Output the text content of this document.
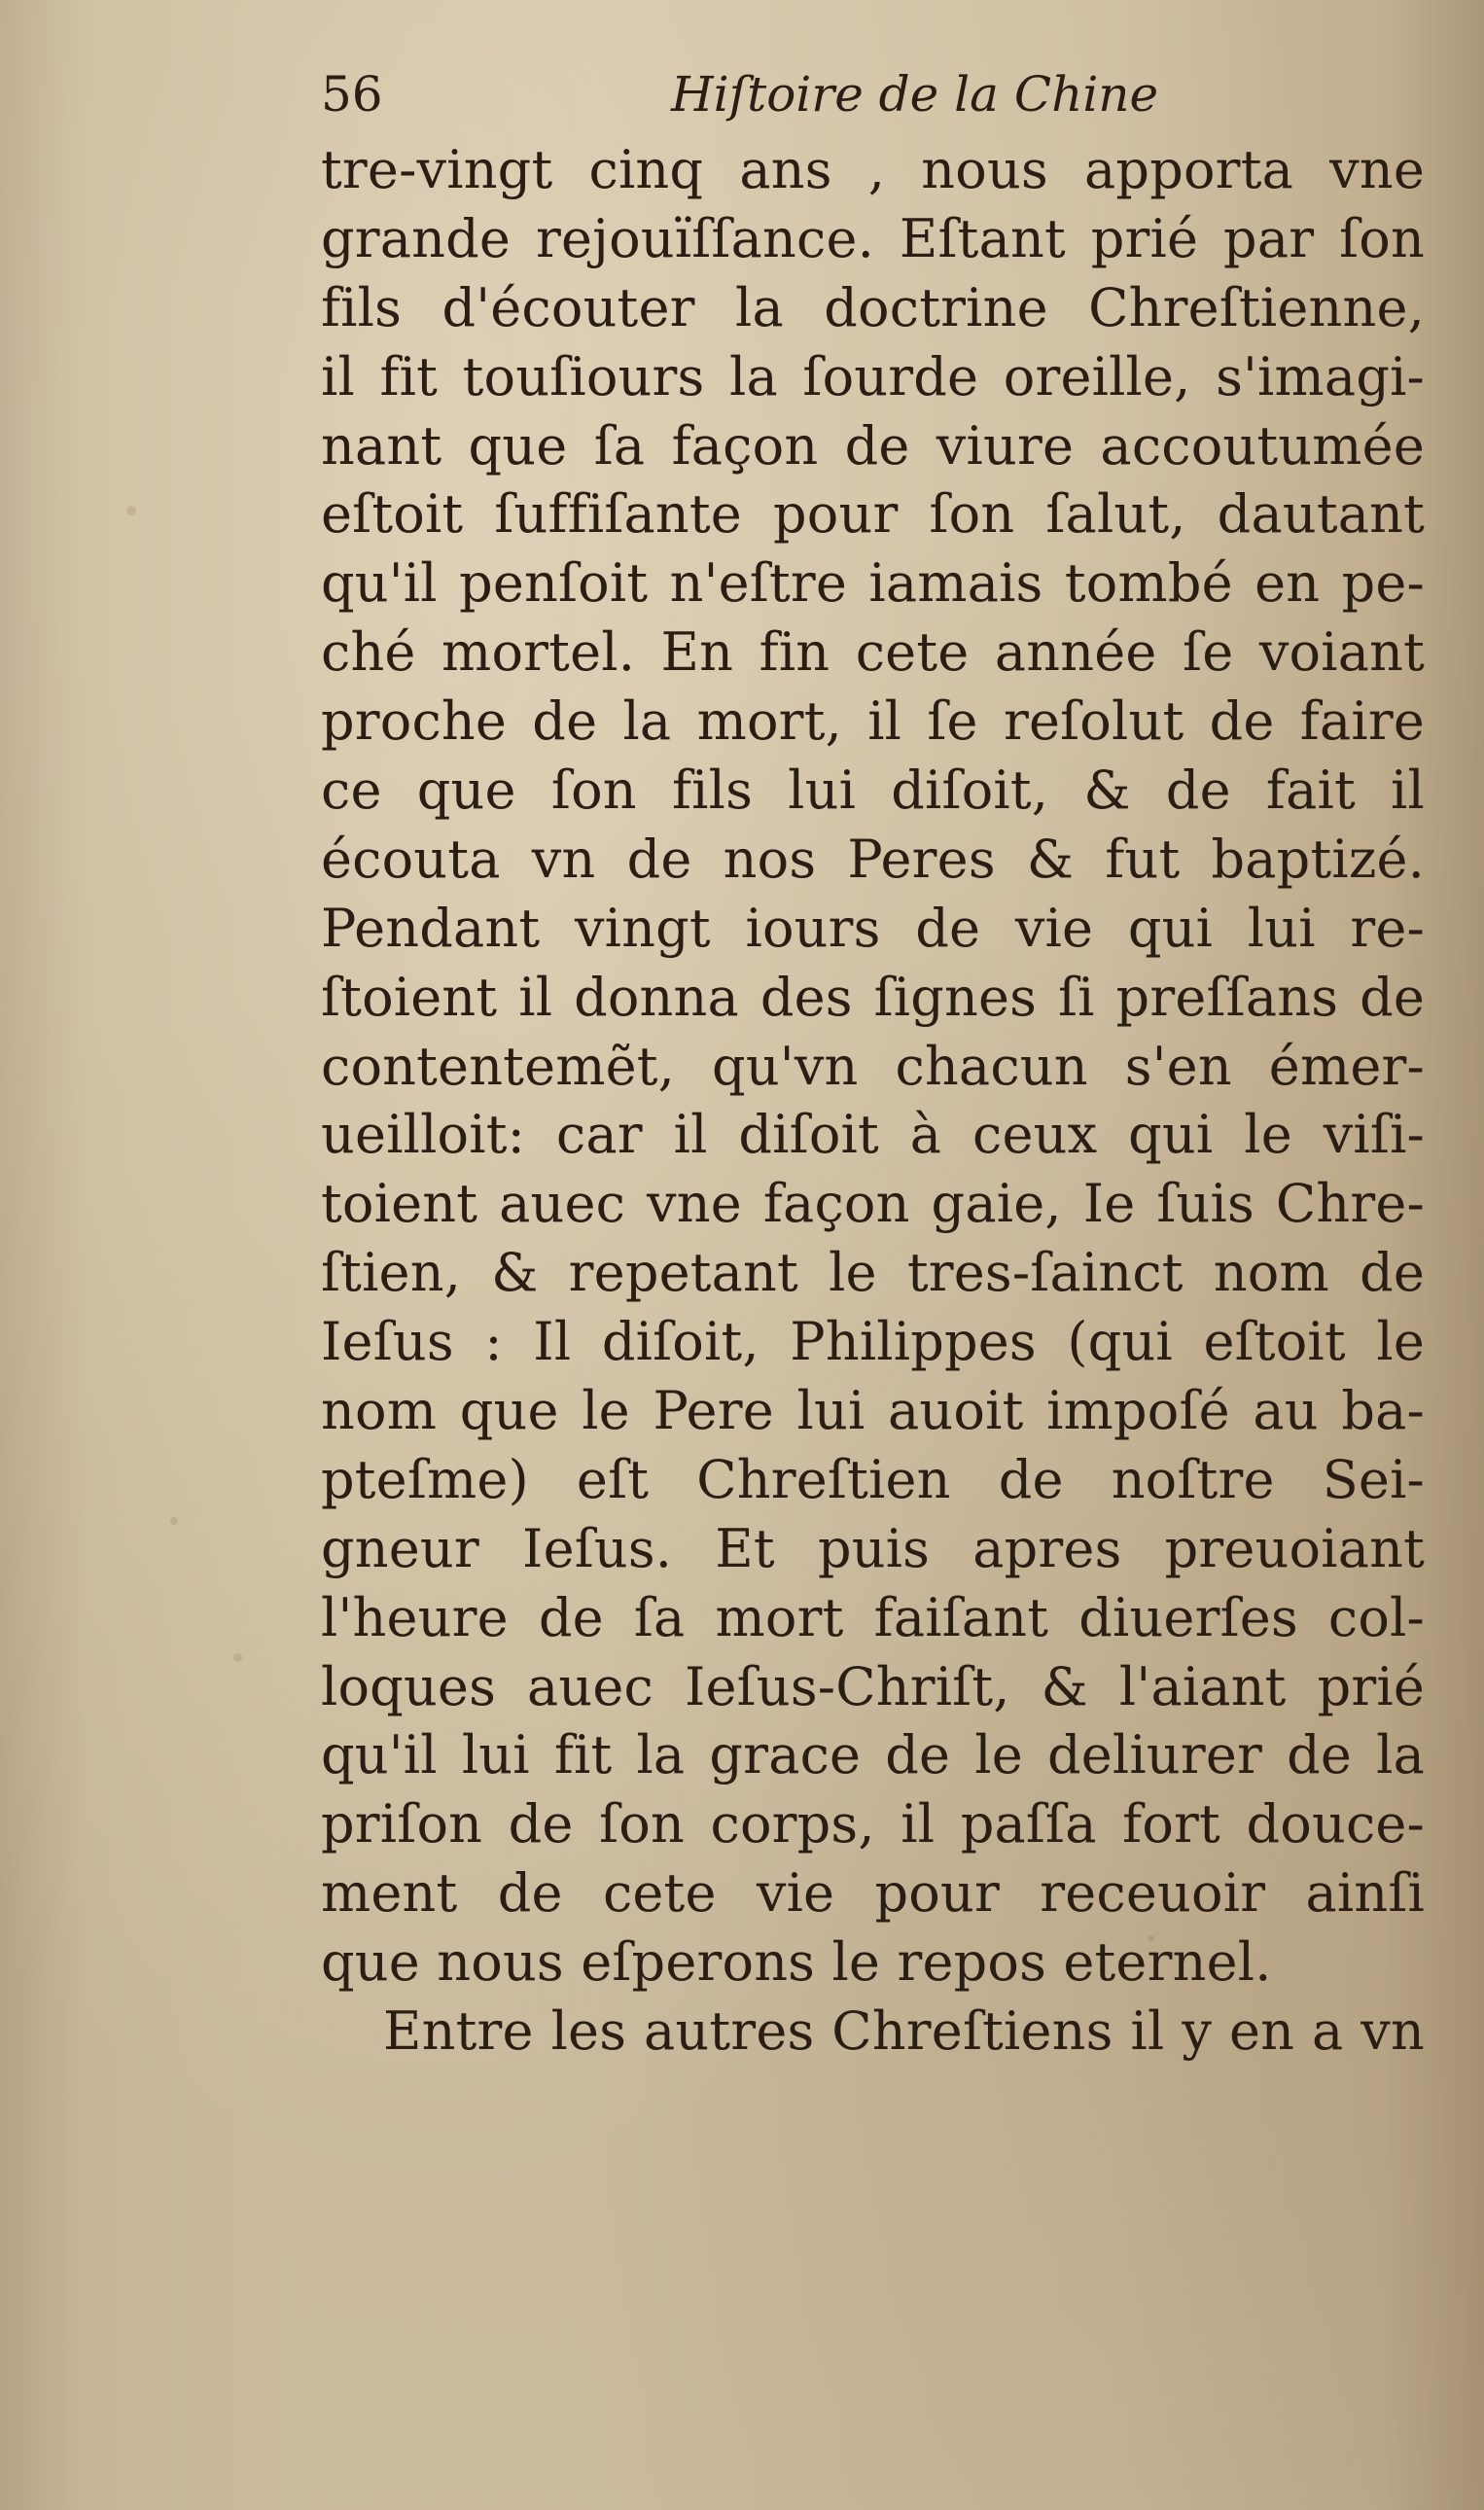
56	Hiſtoire de la Chine
tre-vingt cinq ans , nous apporta vne
grande rejouïſſance. Eſtant prié par ſon
fils d'écouter la doctrine Chreſtienne,
il fit touſiours la ſourde oreille, s'imagi-
nant que ſa façon de viure accoutumée
eſtoit ſuffiſante pour ſon ſalut, dautant
qu'il penſoit n'eſtre iamais tombé en pe-
ché mortel. En fin cete année ſe voiant
proche de la mort, il ſe reſolut de faire
ce que ſon fils lui diſoit, & de fait il
écouta vn de nos Peres & fut baptizé.
Pendant vingt iours de vie qui lui re-
ſtoient il donna des ſignes ſi preſſans de
contentemẽt, qu'vn chacun s'en émer-
ueilloit: car il diſoit à ceux qui le viſi-
toient auec vne façon gaie, Ie ſuis Chre-
ſtien, & repetant le tres-ſainct nom de
Ieſus : Il diſoit, Philippes (qui eſtoit le
nom que le Pere lui auoit impoſé au ba-
pteſme) eſt Chreſtien de noſtre Sei-
gneur Ieſus. Et puis apres preuoiant
l'heure de ſa mort faiſant diuerſes col-
loques auec Ieſus-Chriſt, & l'aiant prié
qu'il lui fit la grace de le deliurer de la
priſon de ſon corps, il paſſa fort douce-
ment de cete vie pour receuoir ainſi
que nous eſperons le repos eternel.
Entre les autres Chreſtiens il y en a vn
